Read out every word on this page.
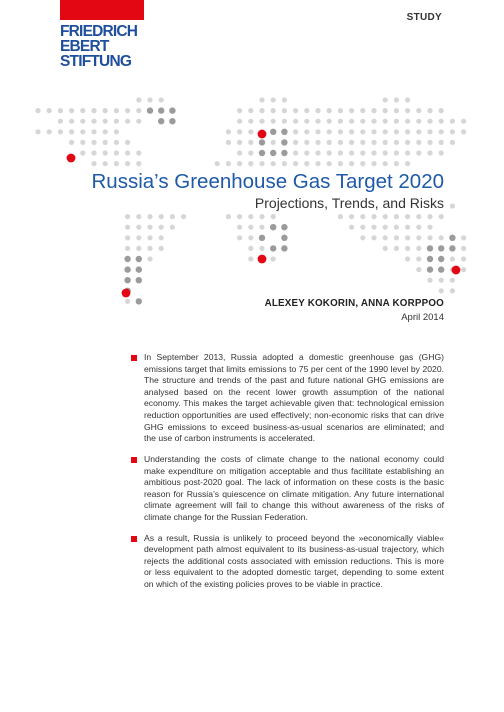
FRIEDRICH
EBERT
STIFTUNG
STUDY
Russia’s Greenhouse Gas Target 2020
Projections, Trends, and Risks
ALEXEY KOKORIN, ANNA KORPPOO
April 2014
In September 2013, Russia adopted a domestic greenhouse gas (GHG) emissions target that limits emissions to 75 per cent of the 1990 level by 2020. The structure and trends of the past and future national GHG emissions are analysed based on the recent lower growth assumption of the national economy. This makes the target achievable given that: technological emission reduction opportunities are used effectively; non-economic risks that can drive GHG emissions to exceed business-as-usual scenarios are eliminated; and the use of carbon instruments is accelerated.
Understanding the costs of climate change to the national economy could make expenditure on mitigation acceptable and thus facilitate establishing an ambitious post-2020 goal. The lack of information on these costs is the basic reason for Russia’s quiescence on climate mitigation. Any future international climate agreement will fail to change this without awareness of the risks of climate change for the Russian Federation.
As a result, Russia is unlikely to proceed beyond the »economically viable« development path almost equivalent to its business-as-usual trajectory, which rejects the additional costs associated with emission reductions. This is more or less equivalent to the adopted domestic target, depending to some extent on which of the existing policies proves to be viable in practice.
